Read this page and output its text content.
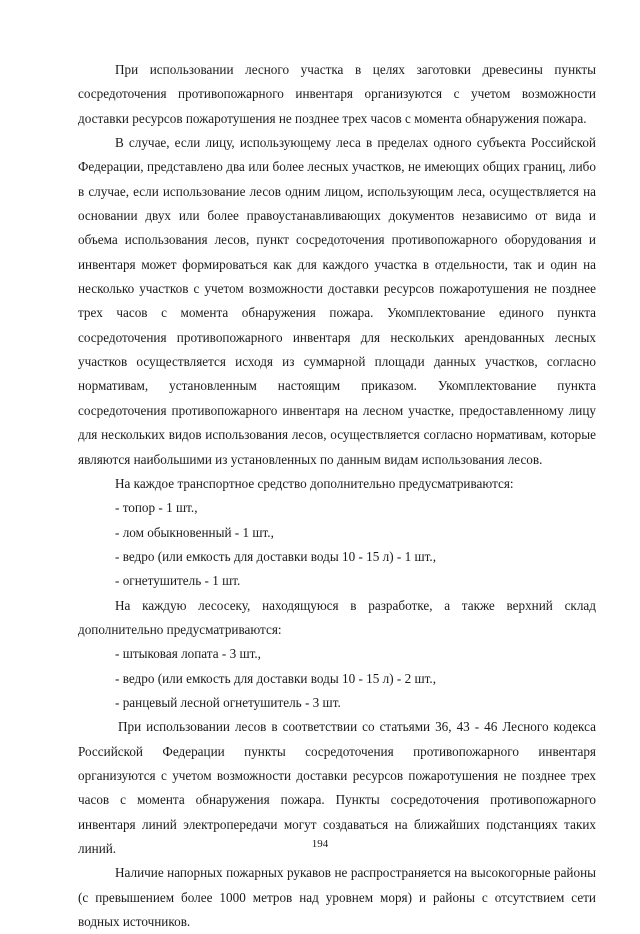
При использовании лесного участка в целях заготовки древесины пункты сосредоточения противопожарного инвентаря организуются с учетом возможности доставки ресурсов пожаротушения не позднее трех часов с момента обнаружения пожара.

В случае, если лицу, использующему леса в пределах одного субъекта Российской Федерации, представлено два или более лесных участков, не имеющих общих границ, либо в случае, если использование лесов одним лицом, использующим леса, осуществляется на основании двух или более правоустанавливающих документов независимо от вида и объема использования лесов, пункт сосредоточения противопожарного оборудования и инвентаря может формироваться как для каждого участка в отдельности, так и один на несколько участков с учетом возможности доставки ресурсов пожаротушения не позднее трех часов с момента обнаружения пожара. Укомплектование единого пункта сосредоточения противопожарного инвентаря для нескольких арендованных лесных участков осуществляется исходя из суммарной площади данных участков, согласно нормативам, установленным настоящим приказом. Укомплектование пункта сосредоточения противопожарного инвентаря на лесном участке, предоставленному лицу для нескольких видов использования лесов, осуществляется согласно нормативам, которые являются наибольшими из установленных по данным видам использования лесов.

На каждое транспортное средство дополнительно предусматриваются:

- топор - 1 шт.,

- лом обыкновенный - 1 шт.,

- ведро (или емкость для доставки воды 10 - 15 л) - 1 шт.,

- огнетушитель - 1 шт.

На каждую лесосеку, находящуюся в разработке, а также верхний склад дополнительно предусматриваются:

- штыковая лопата - 3 шт.,

- ведро (или емкость для доставки воды 10 - 15 л) - 2 шт.,

- ранцевый лесной огнетушитель - 3 шт.

При использовании лесов в соответствии со статьями 36, 43 - 46 Лесного кодекса Российской Федерации пункты сосредоточения противопожарного инвентаря организуются с учетом возможности доставки ресурсов пожаротушения не позднее трех часов с момента обнаружения пожара. Пункты сосредоточения противопожарного инвентаря линий электропередачи могут создаваться на ближайших подстанциях таких линий.

Наличие напорных пожарных рукавов не распространяется на высокогорные районы (с превышением более 1000 метров над уровнем моря) и районы с отсутствием сети водных источников.

194
